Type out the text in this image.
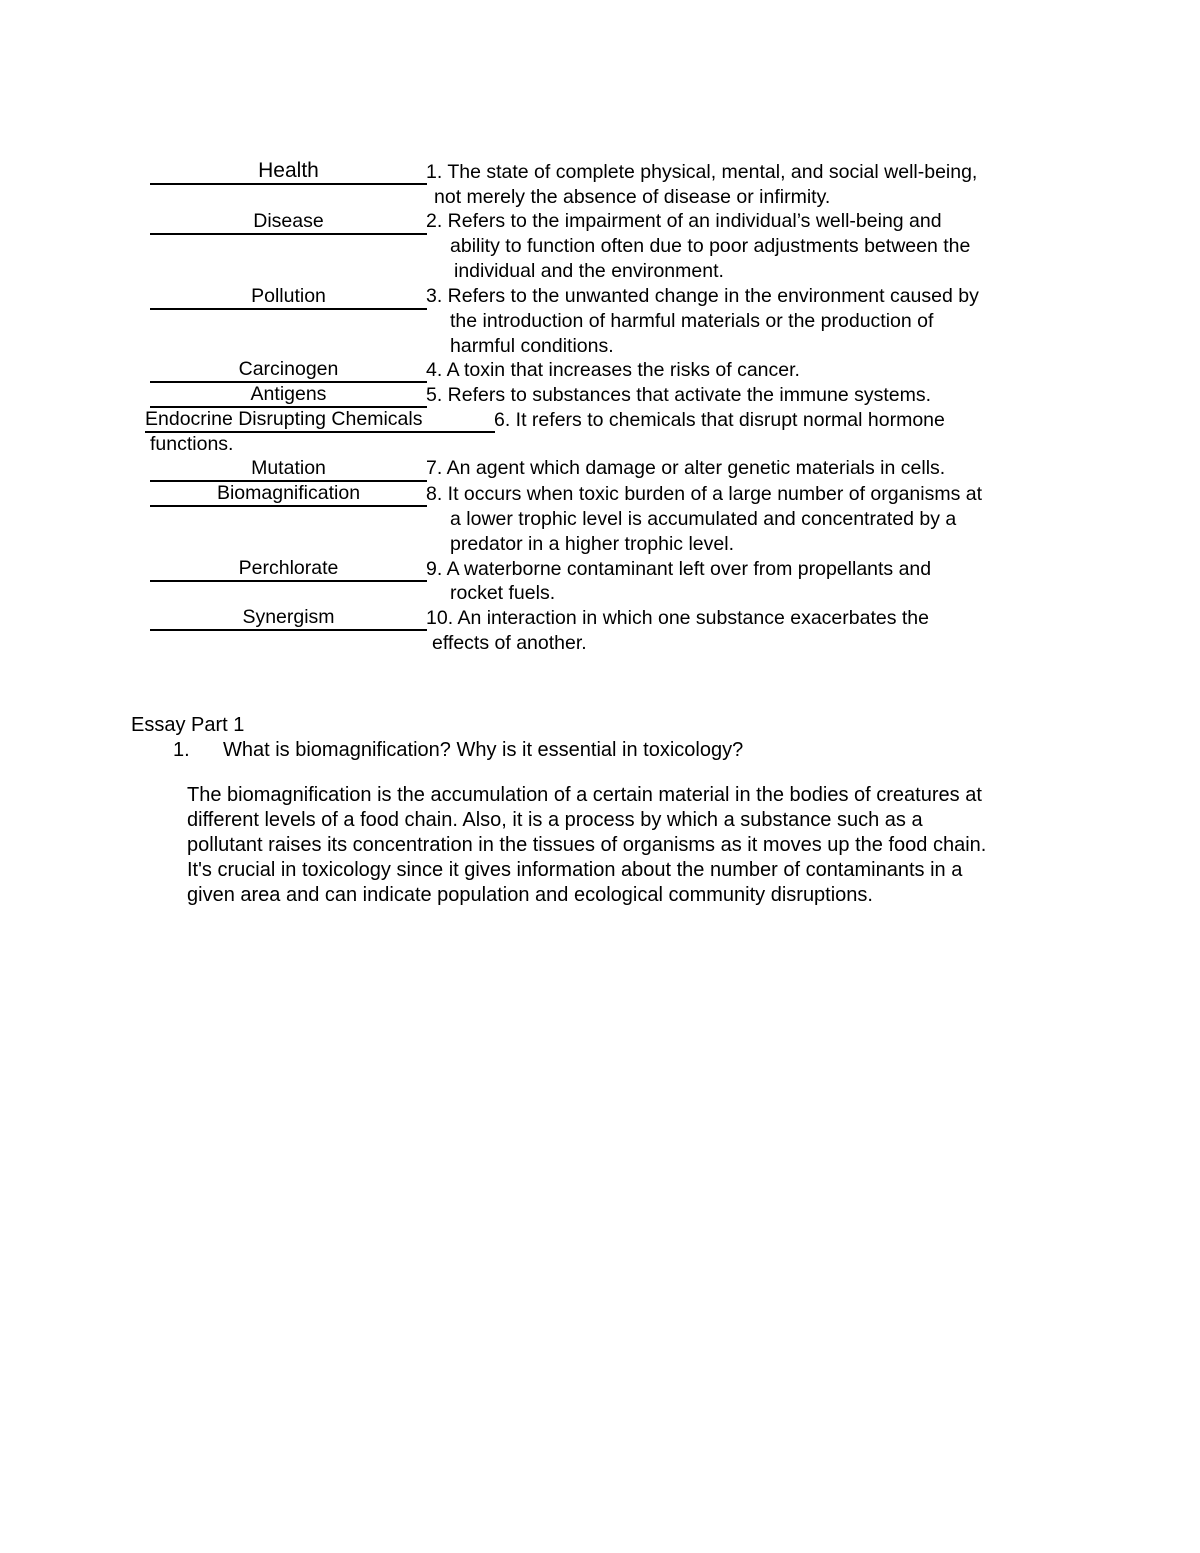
Health	1. The state of complete physical, mental, and social well-being,
not merely the absence of disease or infirmity.
Disease	2. Refers to the impairment of an individual’s well-being and
ability to function often due to poor adjustments between the
individual and the environment.
Pollution	3. Refers to the unwanted change in the environment caused by
the introduction of harmful materials or the production of
harmful conditions.
Carcinogen	4. A toxin that increases the risks of cancer.
Antigens	5. Refers to substances that activate the immune systems.
Endocrine Disrupting Chemicals	6. It refers to chemicals that disrupt normal hormone
functions.
Mutation	7. An agent which damage or alter genetic materials in cells.
Biomagnification	8. It occurs when toxic burden of a large number of organisms at
a lower trophic level is accumulated and concentrated by a
predator in a higher trophic level.
Perchlorate	9. A waterborne contaminant left over from propellants and
rocket fuels.
Synergism	10. An interaction in which one substance exacerbates the
effects of another.
Essay Part 1
1. What is biomagnification? Why is it essential in toxicology?
The biomagnification is the accumulation of a certain material in the bodies of creatures at
different levels of a food chain. Also, it is a process by which a substance such as a
pollutant raises its concentration in the tissues of organisms as it moves up the food chain.
It's crucial in toxicology since it gives information about the number of contaminants in a
given area and can indicate population and ecological community disruptions.
